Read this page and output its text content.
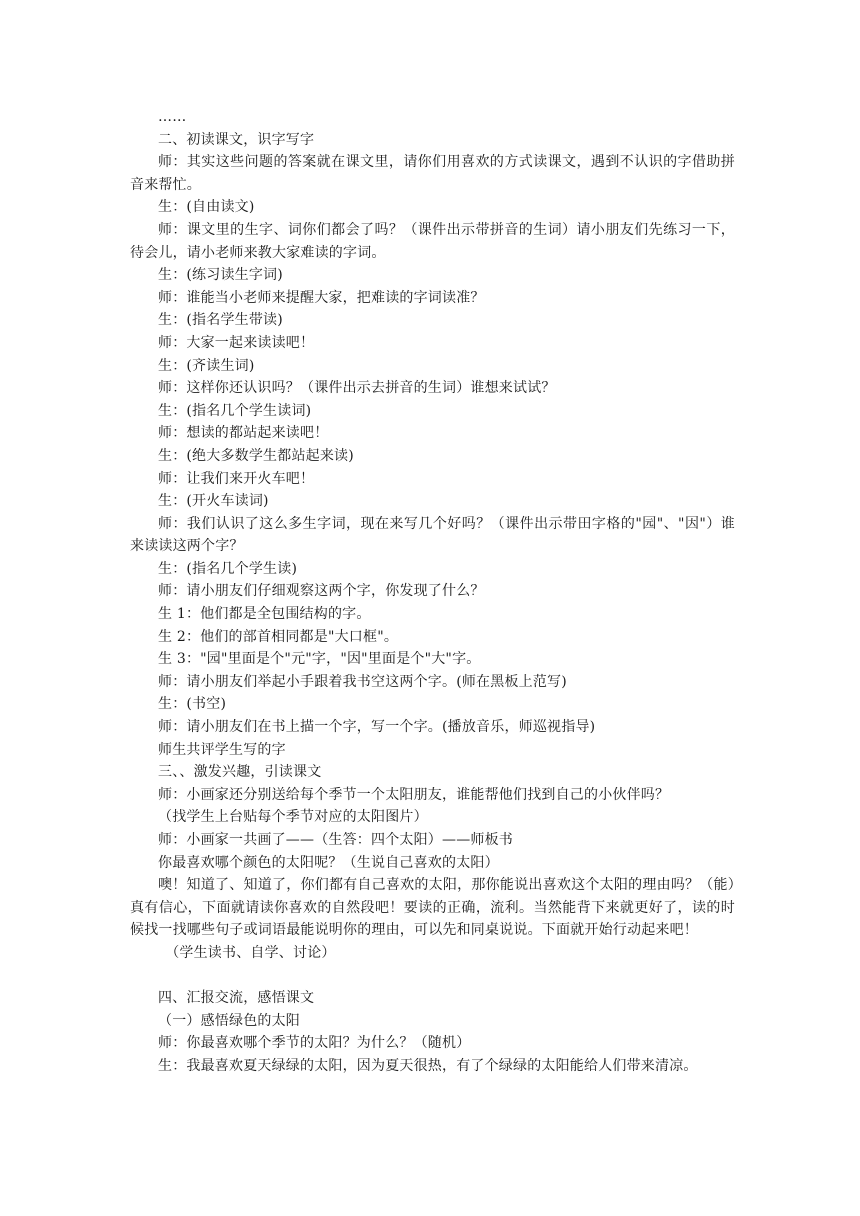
……

二、初读课文，识字写字

师：其实这些问题的答案就在课文里，请你们用喜欢的方式读课文，遇到不认识的字借助拼音来帮忙。

生：(自由读文)

师：课文里的生字、词你们都会了吗？（课件出示带拼音的生词）请小朋友们先练习一下，待会儿，请小老师来教大家难读的字词。

生：(练习读生字词)

师：谁能当小老师来提醒大家，把难读的字词读准？

生：(指名学生带读)

师：大家一起来读读吧！

生：(齐读生词)

师：这样你还认识吗？（课件出示去拼音的生词）谁想来试试？

生：(指名几个学生读词)

师：想读的都站起来读吧！

生：(绝大多数学生都站起来读)

师：让我们来开火车吧！

生：(开火车读词)

师：我们认识了这么多生字词，现在来写几个好吗？（课件出示带田字格的"园"、"因"）谁来读读这两个字？

生：(指名几个学生读)

师：请小朋友们仔细观察这两个字，你发现了什么？

生 1：他们都是全包围结构的字。

生 2：他们的部首相同都是"大口框"。

生 3："园"里面是个"元"字，"因"里面是个"大"字。

师：请小朋友们举起小手跟着我书空这两个字。(师在黑板上范写)

生：(书空)

师：请小朋友们在书上描一个字，写一个字。(播放音乐，师巡视指导)

师生共评学生写的字

三、、激发兴趣，引读课文

师：小画家还分别送给每个季节一个太阳朋友，谁能帮他们找到自己的小伙伴吗？

（找学生上台贴每个季节对应的太阳图片）

师：小画家一共画了——（生答：四个太阳）——师板书

你最喜欢哪个颜色的太阳呢？（生说自己喜欢的太阳）

噢！知道了、知道了，你们都有自己喜欢的太阳，那你能说出喜欢这个太阳的理由吗？（能）真有信心，下面就请读你喜欢的自然段吧！要读的正确，流利。当然能背下来就更好了，读的时候找一找哪些句子或词语最能说明你的理由，可以先和同桌说说。下面就开始行动起来吧！

　（学生读书、自学、讨论）

四、汇报交流，感悟课文

（一）感悟绿色的太阳

师：你最喜欢哪个季节的太阳？为什么？（随机）

生：我最喜欢夏天绿绿的太阳，因为夏天很热，有了个绿绿的太阳能给人们带来清凉。
